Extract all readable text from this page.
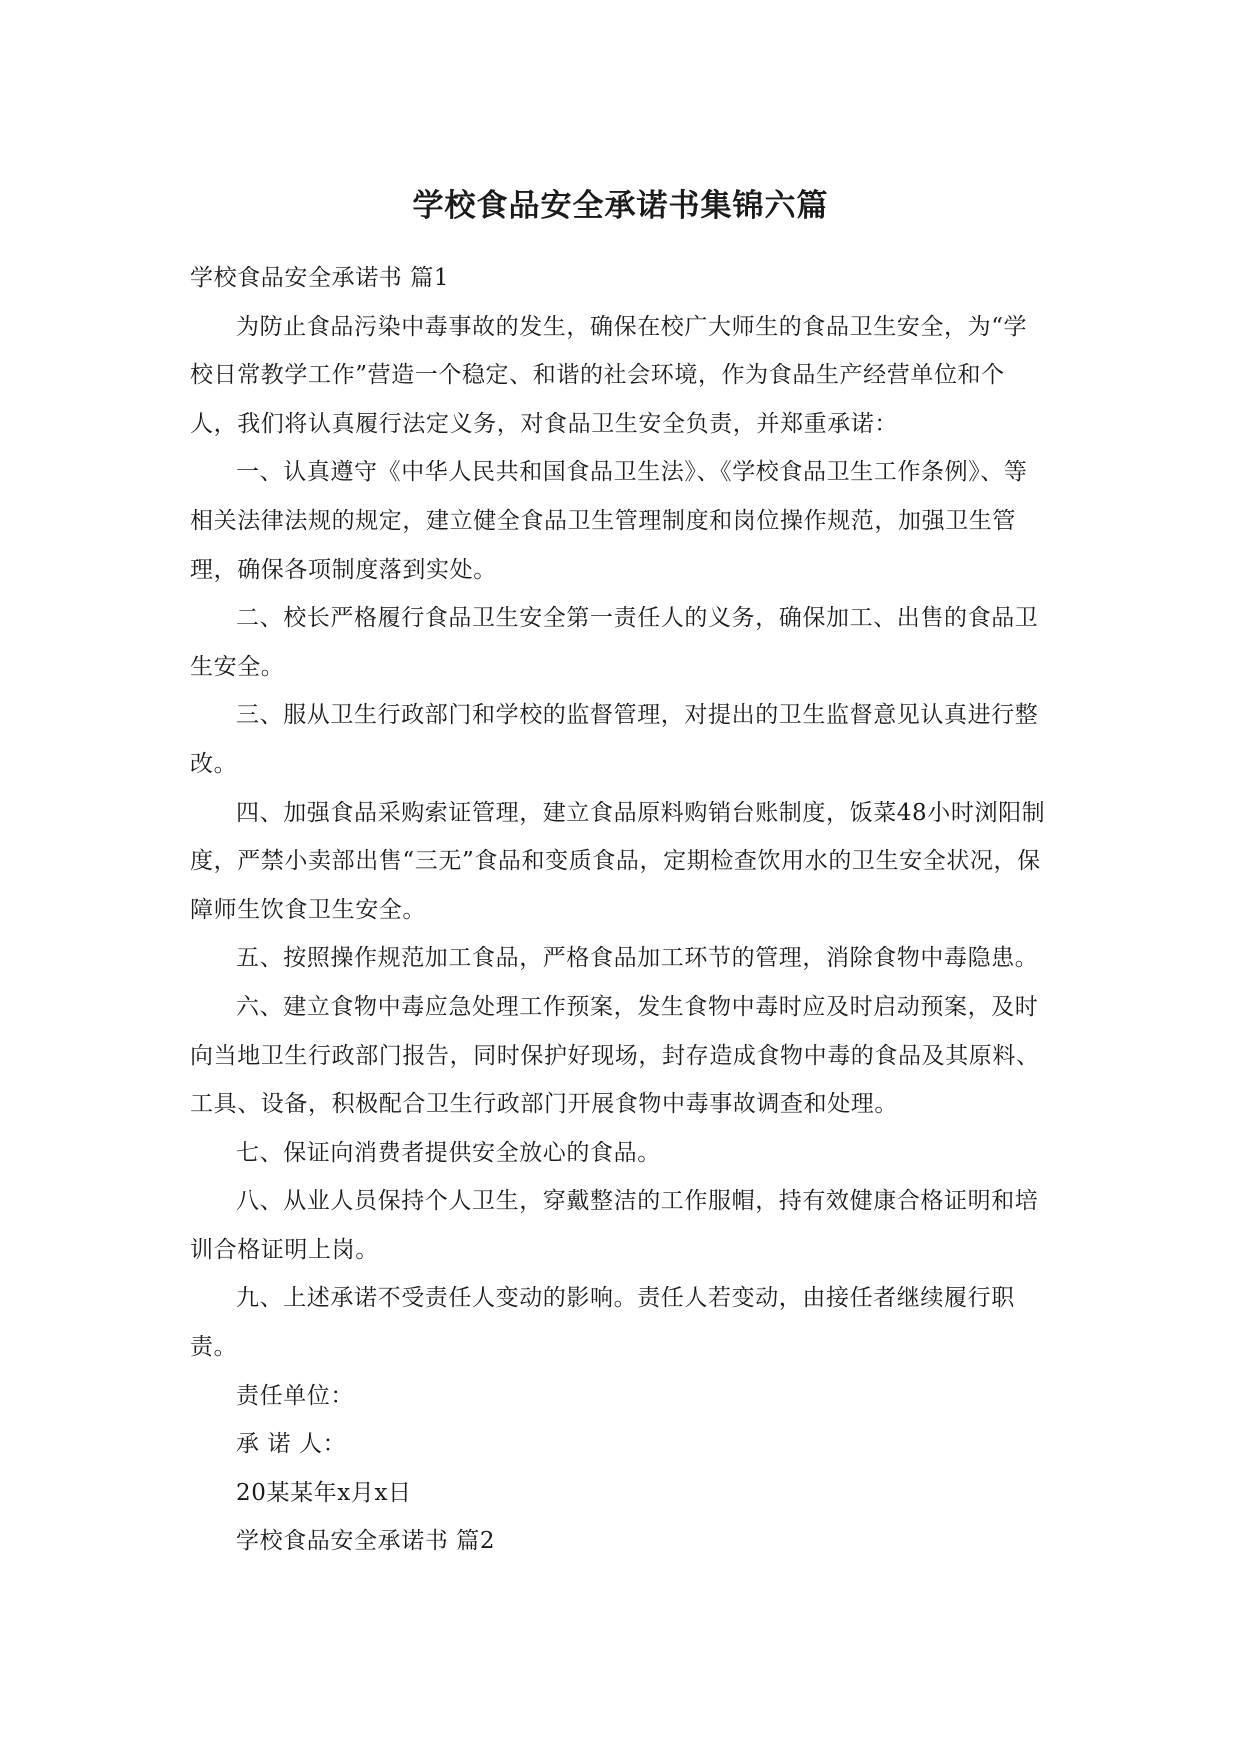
学校食品安全承诺书集锦六篇

学校食品安全承诺书 篇1

为防止食品污染中毒事故的发生，确保在校广大师生的食品卫生安全，为“学校日常教学工作”营造一个稳定、和谐的社会环境，作为食品生产经营单位和个人，我们将认真履行法定义务，对食品卫生安全负责，并郑重承诺：

一、认真遵守《中华人民共和国食品卫生法》、《学校食品卫生工作条例》、等相关法律法规的规定，建立健全食品卫生管理制度和岗位操作规范，加强卫生管理，确保各项制度落到实处。

二、校长严格履行食品卫生安全第一责任人的义务，确保加工、出售的食品卫生安全。

三、服从卫生行政部门和学校的监督管理，对提出的卫生监督意见认真进行整改。

四、加强食品采购索证管理，建立食品原料购销台账制度，饭菜48小时浏阳制度，严禁小卖部出售“三无”食品和变质食品，定期检查饮用水的卫生安全状况，保障师生饮食卫生安全。

五、按照操作规范加工食品，严格食品加工环节的管理，消除食物中毒隐患。

六、建立食物中毒应急处理工作预案，发生食物中毒时应及时启动预案，及时向当地卫生行政部门报告，同时保护好现场，封存造成食物中毒的食品及其原料、工具、设备，积极配合卫生行政部门开展食物中毒事故调查和处理。

七、保证向消费者提供安全放心的食品。

八、从业人员保持个人卫生，穿戴整洁的工作服帽，持有效健康合格证明和培训合格证明上岗。

九、上述承诺不受责任人变动的影响。责任人若变动，由接任者继续履行职责。

责任单位：

承 诺 人：

20某某年x月x日

学校食品安全承诺书 篇2
